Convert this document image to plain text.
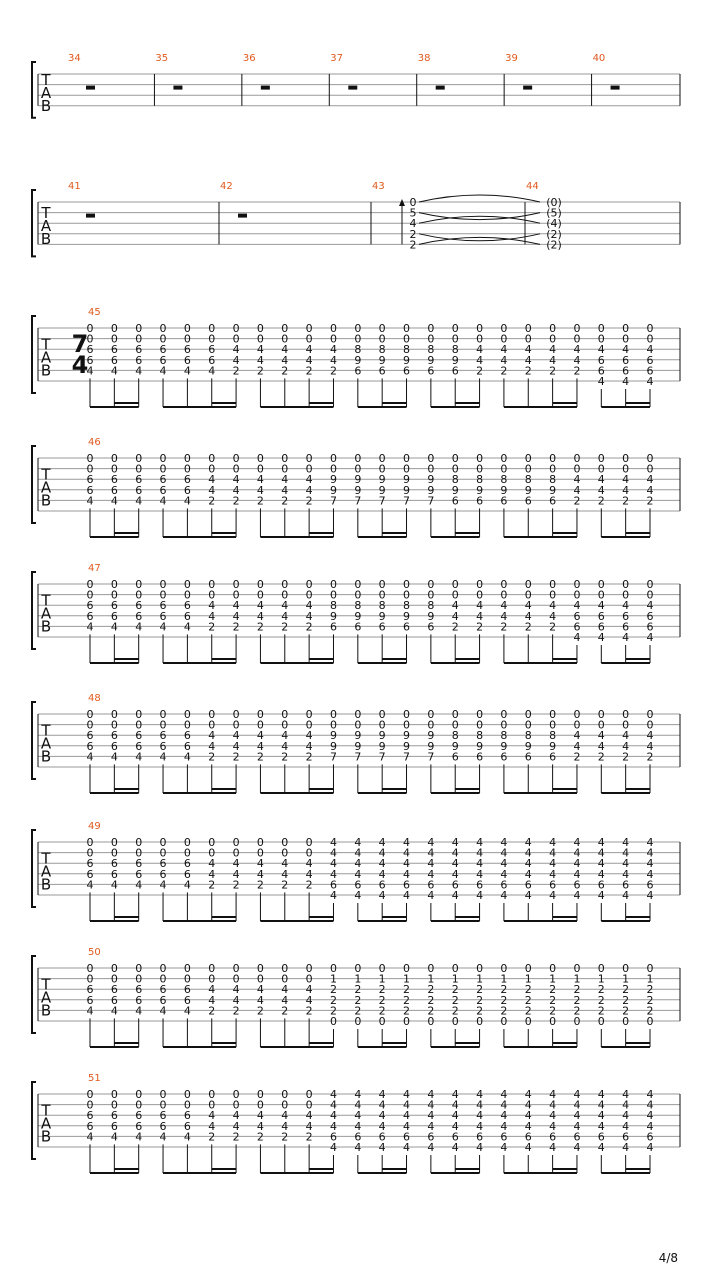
T
A
B
34	35	36	37	38	39	40
T
A
B
41	42	43
0
5
4
2
2
44
(0)
(5)
(4)
(2)
(2)
T
A
B
45
7
4
0
0
6
6
4
0
0
6
6
4
0
0
6
6
4
0
0
6
6
4
0
0
6
6
4
0
0
6
6
4
0
0
4
4
2
0
0
4
4
2
0
0
4
4
2
0
0
4
4
2
0
0
4
4
2
0
0
8
9
6
0
0
8
9
6
0
0
8
9
6
0
0
8
9
6
0
0
8
9
6
0
0
4
4
2
0
0
4
4
2
0
0
4
4
2
0
0
4
4
2
0
0
4
4
2
0
0
4
6
6
4
0
0
4
6
6
4
0
0
4
6
6
4
T
A
B
46
0
0
6
6
4
0
0
6
6
4
0
0
6
6
4
0
0
6
6
4
0
0
6
6
4
0
0
4
4
2
0
0
4
4
2
0
0
4
4
2
0
0
4
4
2
0
0
4
4
2
0
0
9
9
7
0
0
9
9
7
0
0
9
9
7
0
0
9
9
7
0
0
9
9
7
0
0
8
9
6
0
0
8
9
6
0
0
8
9
6
0
0
8
9
6
0
0
8
9
6
0
0
4
4
2
0
0
4
4
2
0
0
4
4
2
0
0
4
4
2
T
A
B
47
0
0
6
6
4
0
0
6
6
4
0
0
6
6
4
0
0
6
6
4
0
0
6
6
4
0
0
4
4
2
0
0
4
4
2
0
0
4
4
2
0
0
4
4
2
0
0
4
4
2
0
0
8
9
6
0
0
8
9
6
0
0
8
9
6
0
0
8
9
6
0
0
8
9
6
0
0
4
4
2
0
0
4
4
2
0
0
4
4
2
0
0
4
4
2
0
0
4
4
2
0
0
4
6
6
4
0
0
4
6
6
4
0
0
4
6
6
4
0
0
4
6
6
4
T
A
B
48
0
0
6
6
4
0
0
6
6
4
0
0
6
6
4
0
0
6
6
4
0
0
6
6
4
0
0
4
4
2
0
0
4
4
2
0
0
4
4
2
0
0
4
4
2
0
0
4
4
2
0
0
9
9
7
0
0
9
9
7
0
0
9
9
7
0
0
9
9
7
0
0
9
9
7
0
0
8
9
6
0
0
8
9
6
0
0
8
9
6
0
0
8
9
6
0
0
8
9
6
0
0
4
4
2
0
0
4
4
2
0
0
4
4
2
0
0
4
4
2
T
A
B
49
0
0
6
6
4
0
0
6
6
4
0
0
6
6
4
0
0
6
6
4
0
0
6
6
4
0
0
4
4
2
0
0
4
4
2
0
0
4
4
2
0
0
4
4
2
0
0
4
4
2
4
4
4
4
6
4
4
4
4
4
6
4
4
4
4
4
6
4
4
4
4
4
6
4
4
4
4
4
6
4
4
4
4
4
6
4
4
4
4
4
6
4
4
4
4
4
6
4
4
4
4
4
6
4
4
4
4
4
6
4
4
4
4
4
6
4
4
4
4
4
6
4
4
4
4
4
6
4
4
4
4
4
6
4
T
A
B
50
0
0
6
6
4
0
0
6
6
4
0
0
6
6
4
0
0
6
6
4
0
0
6
6
4
0
0
4
4
2
0
0
4
4
2
0
0
4
4
2
0
0
4
4
2
0
0
4
4
2
0
1
2
2
2
0
0
1
2
2
2
0
0
1
2
2
2
0
0
1
2
2
2
0
0
1
2
2
2
0
0
1
2
2
2
0
0
1
2
2
2
0
0
1
2
2
2
0
0
1
2
2
2
0
0
1
2
2
2
0
0
1
2
2
2
0
0
1
2
2
2
0
0
1
2
2
2
0
0
1
2
2
2
0
T
A
B
51
0
0
6
6
4
0
0
6
6
4
0
0
6
6
4
0
0
6
6
4
0
0
6
6
4
0
0
4
4
2
0
0
4
4
2
0
0
4
4
2
0
0
4
4
2
0
0
4
4
2
4
4
4
4
6
4
4
4
4
4
6
4
4
4
4
4
6
4
4
4
4
4
6
4
4
4
4
4
6
4
4
4
4
4
6
4
4
4
4
4
6
4
4
4
4
4
6
4
4
4
4
4
6
4
4
4
4
4
6
4
4
4
4
4
6
4
4
4
4
4
6
4
4
4
4
4
6
4
4
4
4
4
6
4
4/8
